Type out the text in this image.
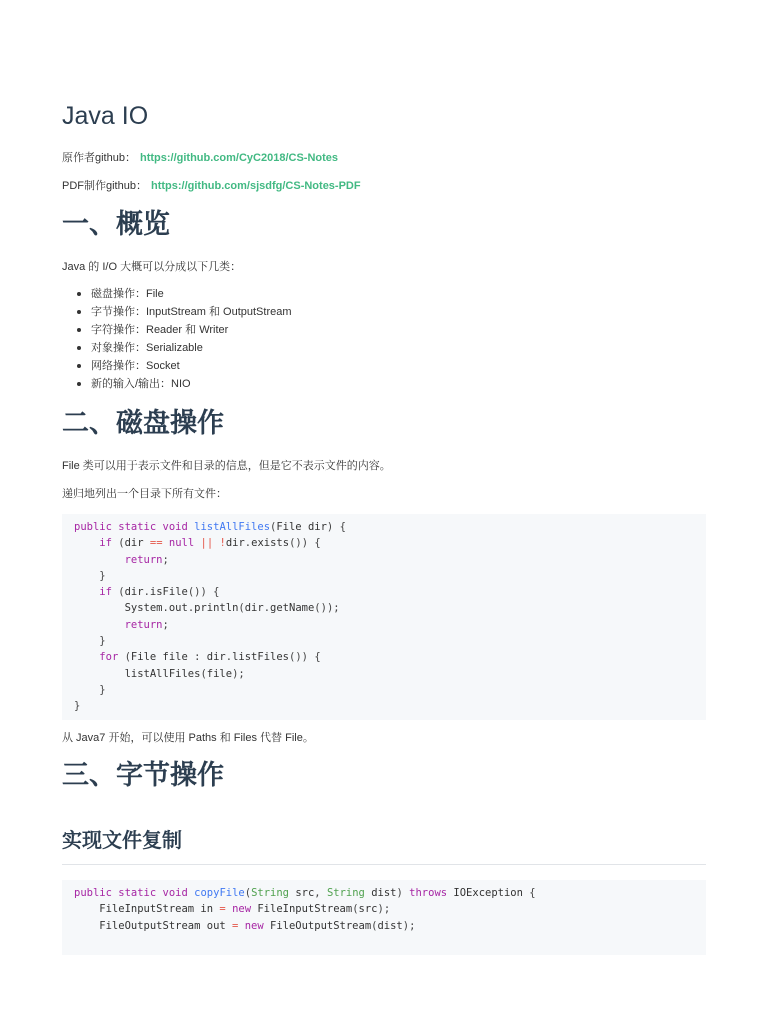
Java IO
原作者github： https://github.com/CyC2018/CS-Notes
PDF制作github： https://github.com/sjsdfg/CS-Notes-PDF
一、概览

Java 的 I/O 大概可以分成以下几类：

磁盘操作：File
字节操作：InputStream 和 OutputStream
字符操作：Reader 和 Writer
对象操作：Serializable
网络操作：Socket
新的输入/输出：NIO
二、磁盘操作

File 类可以用于表示文件和目录的信息，但是它不表示文件的内容。

递归地列出一个目录下所有文件：

public static void listAllFiles(File dir) {
if (dir == null || !dir.exists()) {
return;
}
if (dir.isFile()) {
System.out.println(dir.getName());
return;
}
for (File file : dir.listFiles()) {
listAllFiles(file);
}
}

从 Java7 开始，可以使用 Paths 和 Files 代替 File。

三、字节操作
实现文件复制
public static void copyFile(String src, String dist) throws IOException {
FileInputStream in = new FileInputStream(src);
FileOutputStream out = new FileOutputStream(dist);
